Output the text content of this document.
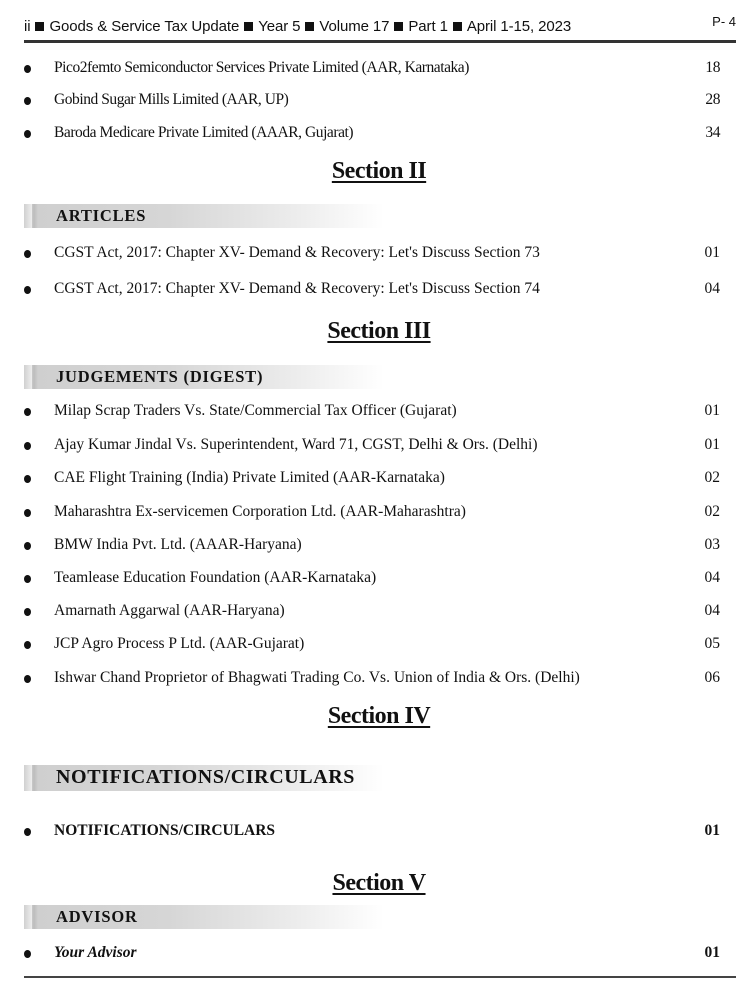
ii Goods & Service Tax Update Year 5 Volume 17 Part 1 April 1-15, 2023	P- 4
Pico2femto Semiconductor Services Private Limited (AAR, Karnataka)	18
Gobind Sugar Mills Limited (AAR, UP)	28
Baroda Medicare Private Limited (AAAR, Gujarat)	34
Section II
ARTICLES
CGST Act, 2017: Chapter XV- Demand & Recovery: Let's Discuss Section 73	01
CGST Act, 2017: Chapter XV- Demand & Recovery: Let's Discuss Section 74	04
Section III
JUDGEMENTS (DIGEST)
Milap Scrap Traders Vs. State/Commercial Tax Officer (Gujarat)	01
Ajay Kumar Jindal Vs. Superintendent, Ward 71, CGST, Delhi & Ors. (Delhi)	01
CAE Flight Training (India) Private Limited (AAR-Karnataka)	02
Maharashtra Ex-servicemen Corporation Ltd. (AAR-Maharashtra)	02
BMW India Pvt. Ltd. (AAAR-Haryana)	03
Teamlease Education Foundation (AAR-Karnataka)	04
Amarnath Aggarwal (AAR-Haryana)	04
JCP Agro Process P Ltd. (AAR-Gujarat)	05
Ishwar Chand Proprietor of Bhagwati Trading Co. Vs. Union of India & Ors. (Delhi)	06
Section IV
NOTIFICATIONS/CIRCULARS
NOTIFICATIONS/CIRCULARS	01
Section V
ADVISOR
Your Advisor	01
